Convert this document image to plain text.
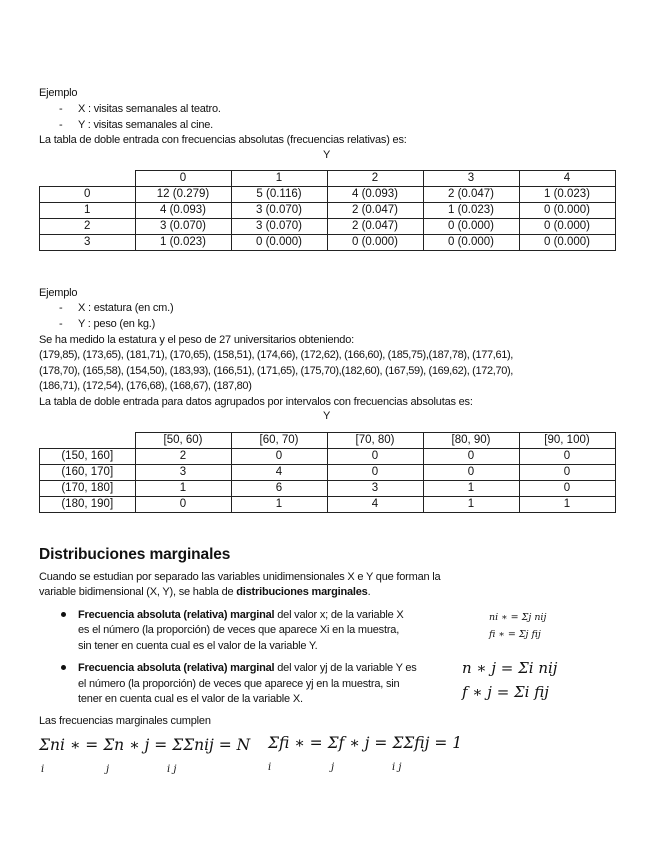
Ejemplo
- X : visitas semanales al teatro.
- Y : visitas semanales al cine.
La tabla de doble entrada con frecuencias absolutas (frecuencias relativas) es:
Y
	0	1	2	3	4
0	12 (0.279)	5 (0.116)	4 (0.093)	2 (0.047)	1 (0.023)
1	4 (0.093)	3 (0.070)	2 (0.047)	1 (0.023)	0 (0.000)
2	3 (0.070)	3 (0.070)	2 (0.047)	0 (0.000)	0 (0.000)
3	1 (0.023)	0 (0.000)	0 (0.000)	0 (0.000)	0 (0.000)
Ejemplo
- X : estatura (en cm.)
- Y : peso (en kg.)
Se ha medido la estatura y el peso de 27 universitarios obteniendo:
(179,85), (173,65), (181,71), (170,65), (158,51), (174,66), (172,62), (166,60), (185,75),(187,78), (177,61),
(178,70), (165,58), (154,50), (183,93), (166,51), (171,65), (175,70),(182,60), (167,59), (169,62), (172,70),
(186,71), (172,54), (176,68), (168,67), (187,80)
La tabla de doble entrada para datos agrupados por intervalos con frecuencias absolutas es:
Y
	[50, 60)	[60, 70)	[70, 80)	[80, 90)	[90, 100)
(150, 160]	2	0	0	0	0
(160, 170]	3	4	0	0	0
(170, 180]	1	6	3	1	0
(180, 190]	0	1	4	1	1
Distribuciones marginales
Cuando se estudian por separado las variables unidimensionales X e Y que forman la
variable bidimensional (X, Y), se habla de distribuciones marginales.
Frecuencia absoluta (relativa) marginal del valor x; de la variable X
es el número (la proporción) de veces que aparece Xi en la muestra,
sin tener en cuenta cual es el valor de la variable Y.
ni ∗ = Σj nij
fi ∗ = Σj fij
Frecuencia absoluta (relativa) marginal del valor yj de la variable Y es
el número (la proporción) de veces que aparece yj en la muestra, sin
tener en cuenta cual es el valor de la variable X.
n ∗ j = Σi nij
f ∗ j = Σi fij
Las frecuencias marginales cumplen
Σni ∗ = Σn ∗ j = ΣΣnij = N
i	j	i j
Σfi ∗ = Σf ∗ j = ΣΣfij = 1
i	j	i j
